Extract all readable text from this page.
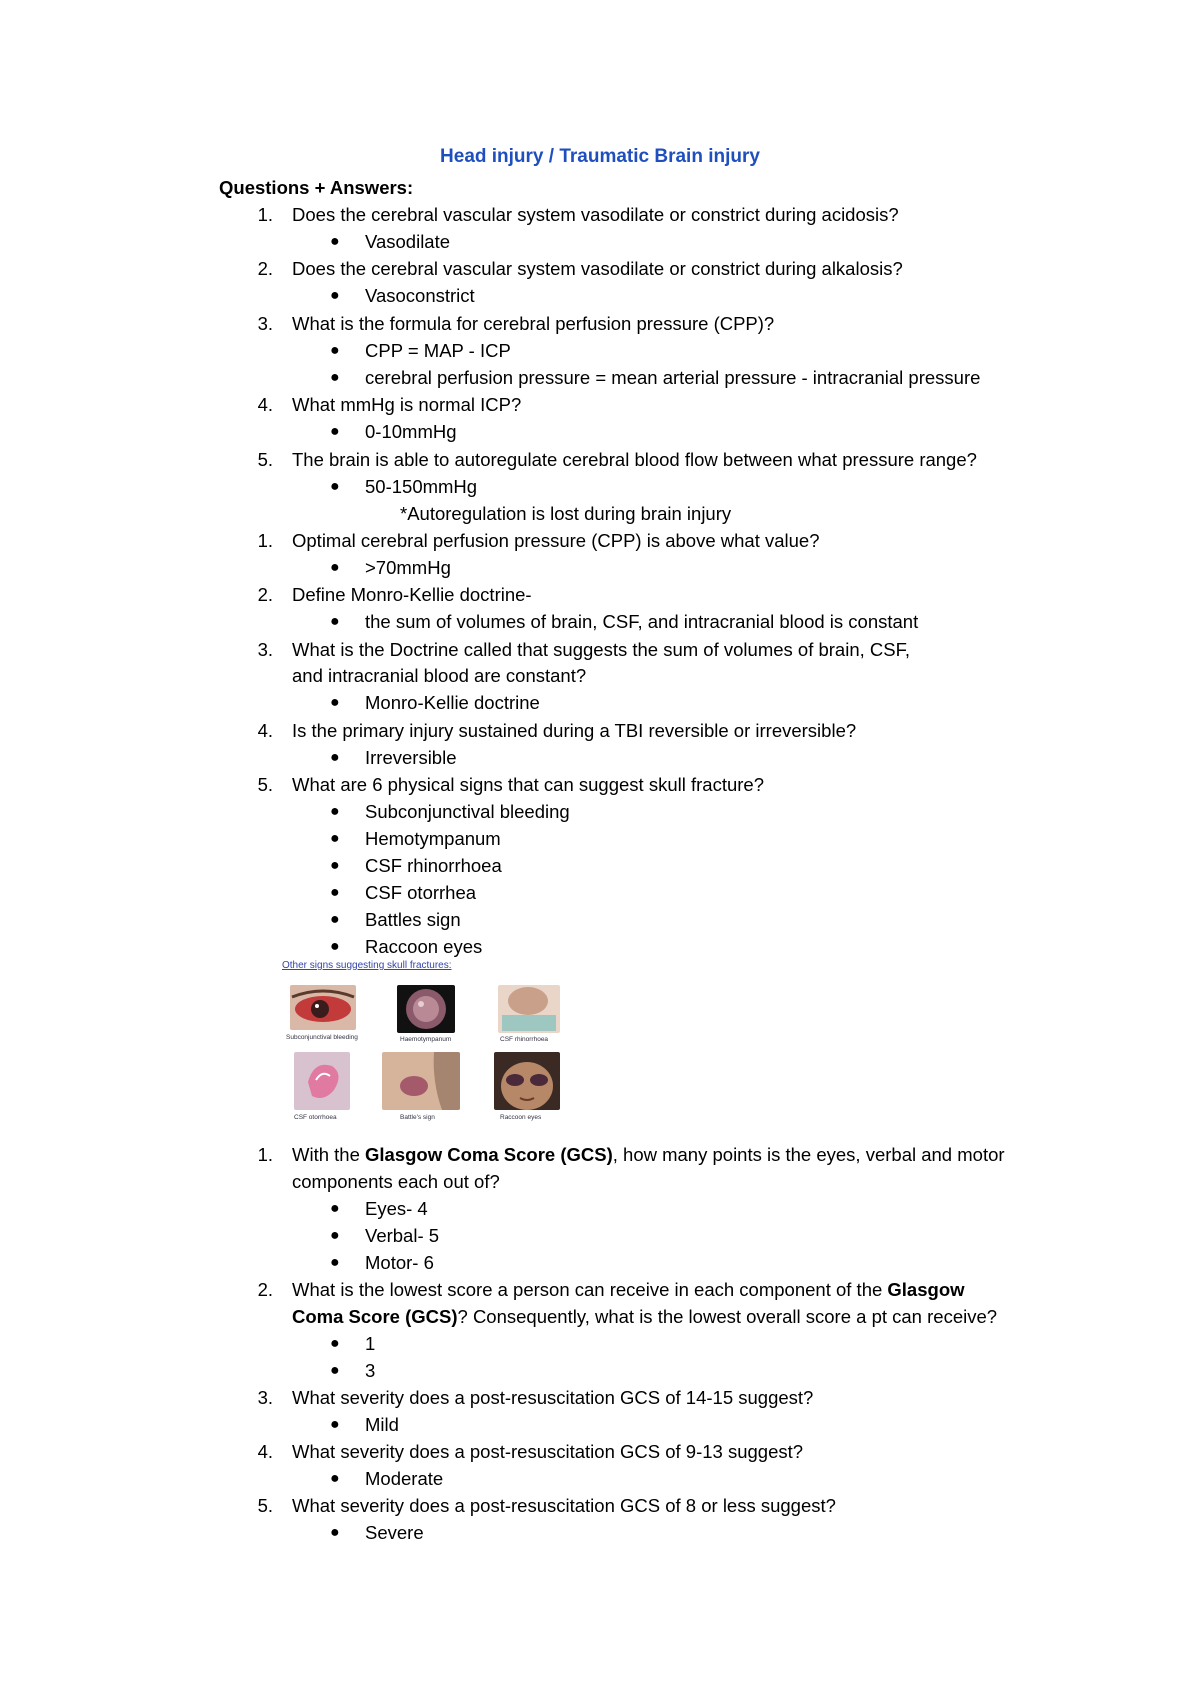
Head injury / Traumatic Brain injury
Questions + Answers:
1. Does the cerebral vascular system vasodilate or constrict during acidosis?
● Vasodilate
2. Does the cerebral vascular system vasodilate or constrict during alkalosis?
● Vasoconstrict
3. What is the formula for cerebral perfusion pressure (CPP)?
● CPP = MAP - ICP
● cerebral perfusion pressure = mean arterial pressure - intracranial pressure
4. What mmHg is normal ICP?
● 0-10mmHg
5. The brain is able to autoregulate cerebral blood flow between what pressure range?
● 50-150mmHg
*Autoregulation is lost during brain injury
1. Optimal cerebral perfusion pressure (CPP) is above what value?
● >70mmHg
2. Define Monro-Kellie doctrine-
● the sum of volumes of brain, CSF, and intracranial blood is constant
3. What is the Doctrine called that suggests the sum of volumes of brain, CSF,
and intracranial blood are constant?
● Monro-Kellie doctrine
4. Is the primary injury sustained during a TBI reversible or irreversible?
● Irreversible
5. What are 6 physical signs that can suggest skull fracture?
● Subconjunctival bleeding
● Hemotympanum
● CSF rhinorrhoea
● CSF otorrhea
● Battles sign
● Raccoon eyes
Other signs suggesting skull fractures:
Subconjunctival bleeding	Haemotympanum	CSF rhinorrhoea
CSF otorrhoea	Battle's sign	Raccoon eyes
1. With the Glasgow Coma Score (GCS), how many points is the eyes, verbal and motor
components each out of?
● Eyes- 4
● Verbal- 5
● Motor- 6
2. What is the lowest score a person can receive in each component of the Glasgow
Coma Score (GCS)? Consequently, what is the lowest overall score a pt can receive?
● 1
● 3
3. What severity does a post-resuscitation GCS of 14-15 suggest?
● Mild
4. What severity does a post-resuscitation GCS of 9-13 suggest?
● Moderate
5. What severity does a post-resuscitation GCS of 8 or less suggest?
● Severe
